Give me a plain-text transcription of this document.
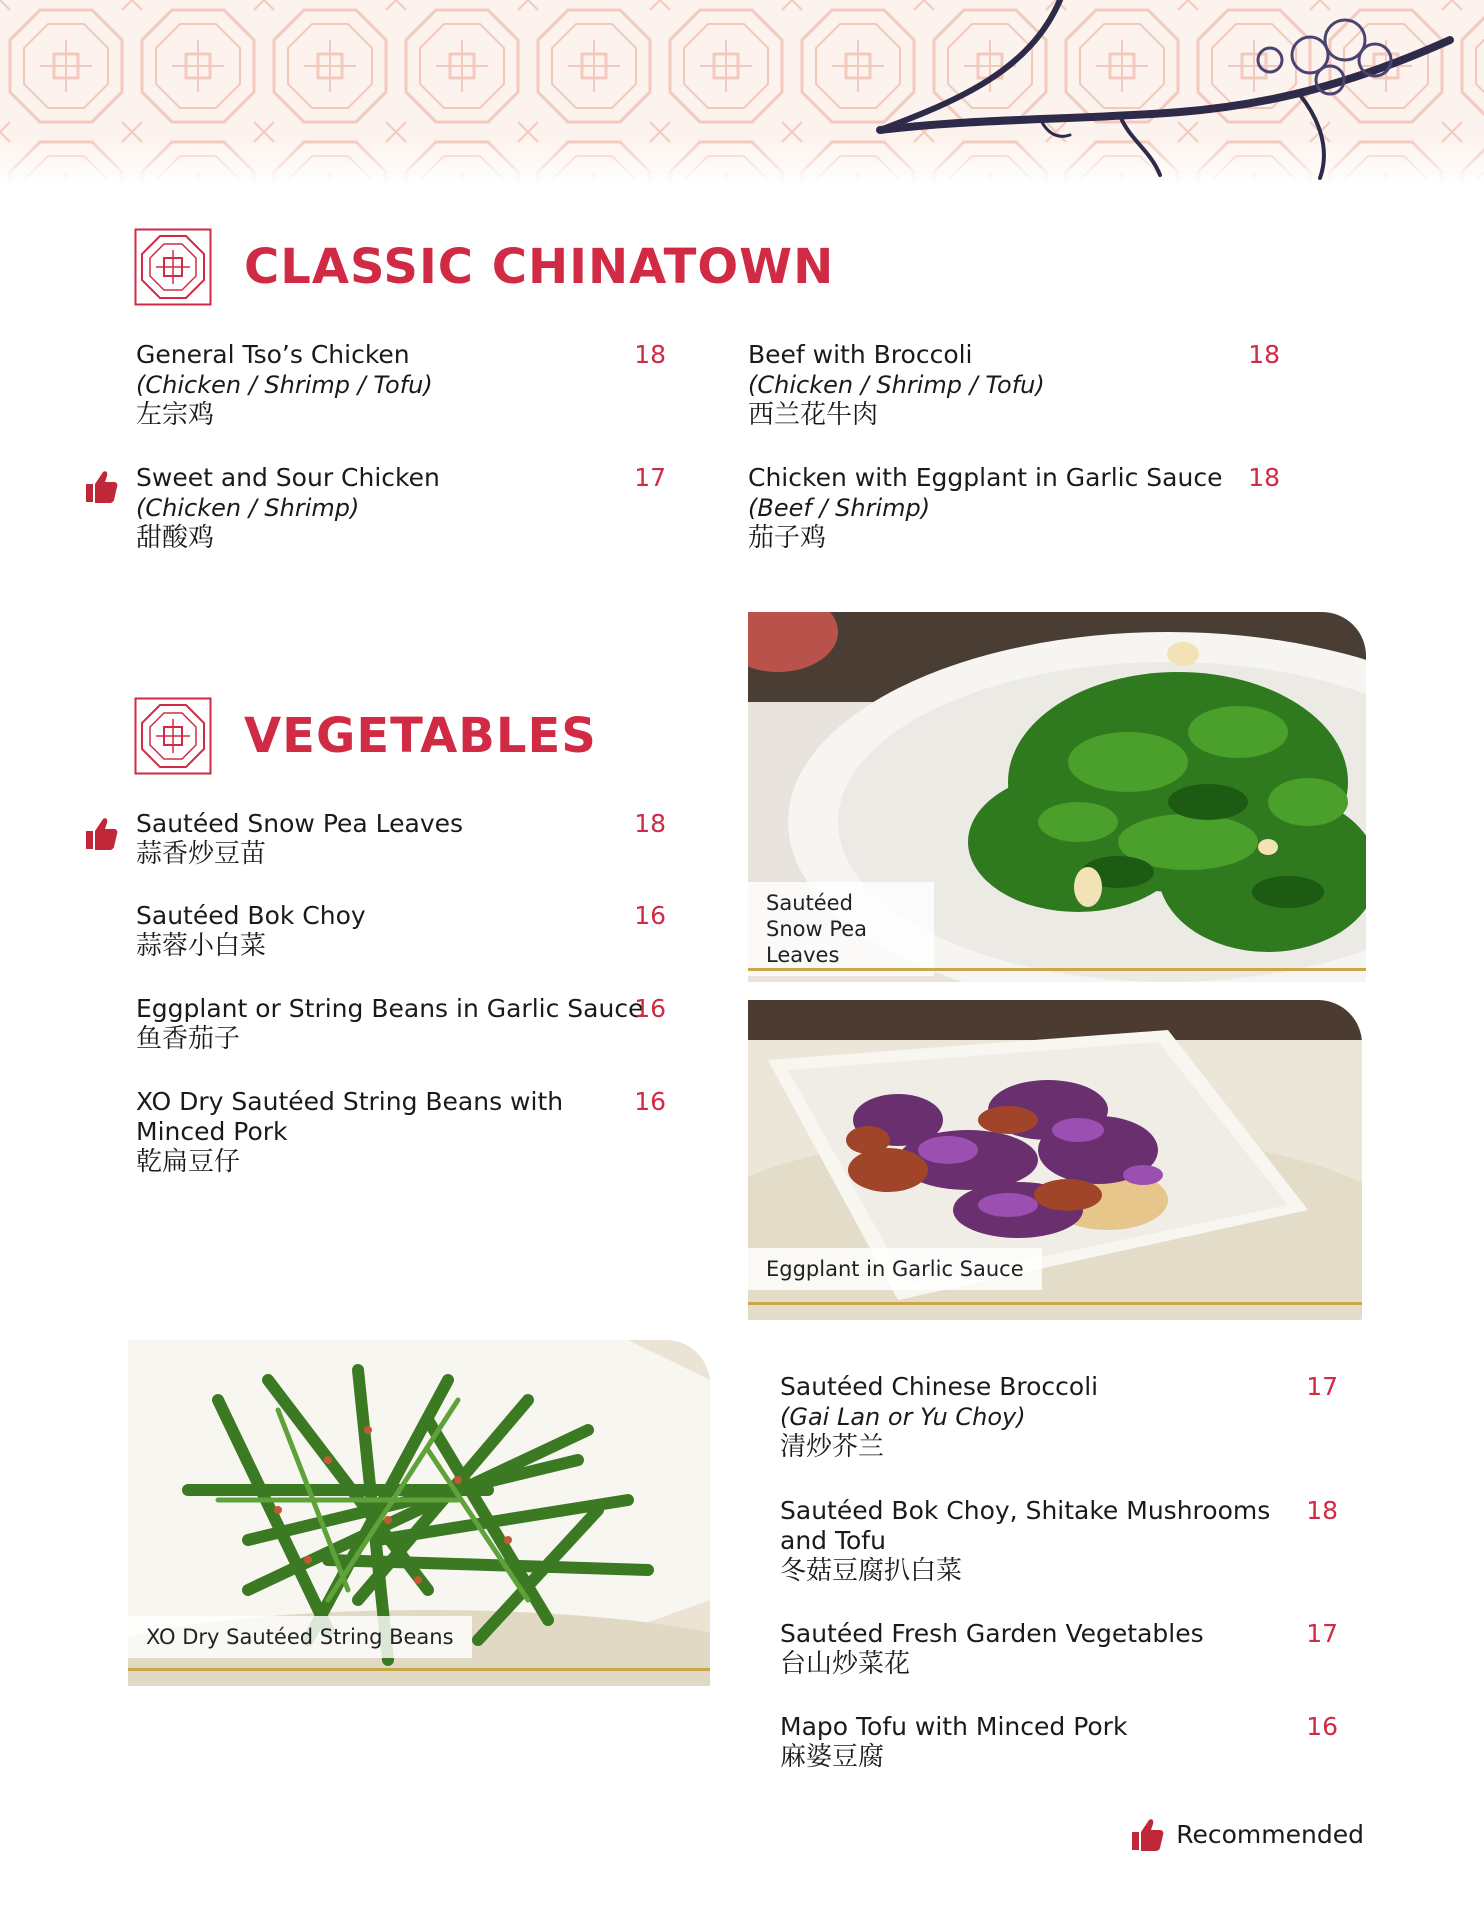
CLASSIC CHINATOWN
General Tso’s Chicken
(Chicken / Shrimp / Tofu)
左宗鸡
18	Beef with Broccoli
(Chicken / Shrimp / Tofu)
西兰花牛肉
18
Sweet and Sour Chicken
(Chicken / Shrimp)
甜酸鸡
17	Chicken with Eggplant in Garlic Sauce
(Beef / Shrimp)
茄子鸡
18
Sautéed Snow Pea Leaves
VEGETABLES
Sautéed Snow Pea Leaves
蒜香炒豆苗
18
Sautéed Bok Choy
蒜蓉小白菜
16
Eggplant or String Beans in Garlic Sauce
鱼香茄子
16
XO Dry Sautéed String Beans with Minced Pork
乾扁豆仔
16
Eggplant in Garlic Sauce
XO Dry Sautéed String Beans
Sautéed Chinese Broccoli
(Gai Lan or Yu Choy)
清炒芥兰
17
Sautéed Bok Choy, Shitake Mushrooms and Tofu
冬菇豆腐扒白菜
18
Sautéed Fresh Garden Vegetables
台山炒菜花
17
Mapo Tofu with Minced Pork
麻婆豆腐
16
Recommended
